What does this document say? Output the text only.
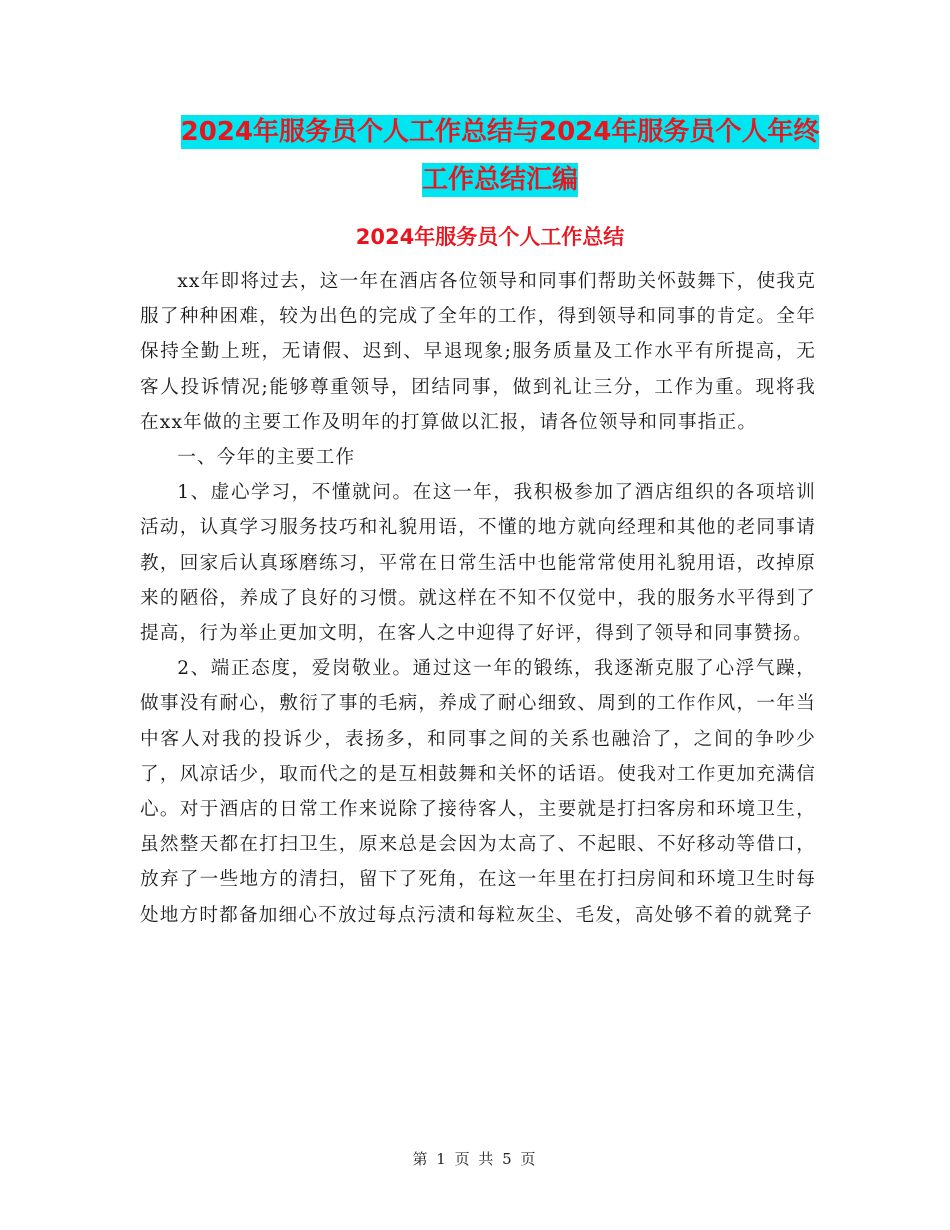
2024年服务员个人工作总结与2024年服务员个人年终
工作总结汇编
2024年服务员个人工作总结

xx年即将过去，这一年在酒店各位领导和同事们帮助关怀鼓舞下，使我克服了种种困难，较为出色的完成了全年的工作，得到领导和同事的肯定。全年保持全勤上班，无请假、迟到、早退现象;服务质量及工作水平有所提高，无客人投诉情况;能够尊重领导，团结同事，做到礼让三分，工作为重。现将我在xx年做的主要工作及明年的打算做以汇报，请各位领导和同事指正。

一、今年的主要工作

1、虚心学习，不懂就问。在这一年，我积极参加了酒店组织的各项培训活动，认真学习服务技巧和礼貌用语，不懂的地方就向经理和其他的老同事请教，回家后认真琢磨练习，平常在日常生活中也能常常使用礼貌用语，改掉原来的陋俗，养成了良好的习惯。就这样在不知不仅觉中，我的服务水平得到了提高，行为举止更加文明，在客人之中迎得了好评，得到了领导和同事赞扬。

2、端正态度，爱岗敬业。通过这一年的锻练，我逐渐克服了心浮气躁，做事没有耐心，敷衍了事的毛病，养成了耐心细致、周到的工作作风，一年当中客人对我的投诉少，表扬多，和同事之间的关系也融洽了，之间的争吵少了，风凉话少，取而代之的是互相鼓舞和关怀的话语。使我对工作更加充满信心。对于酒店的日常工作来说除了接待客人，主要就是打扫客房和环境卫生，虽然整天都在打扫卫生，原来总是会因为太高了、不起眼、不好移动等借口，放弃了一些地方的清扫，留下了死角，在这一年里在打扫房间和环境卫生时每处地方时都备加细心不放过每点污渍和每粒灰尘、毛发，高处够不着的就凳子

第 1 页 共 5 页
